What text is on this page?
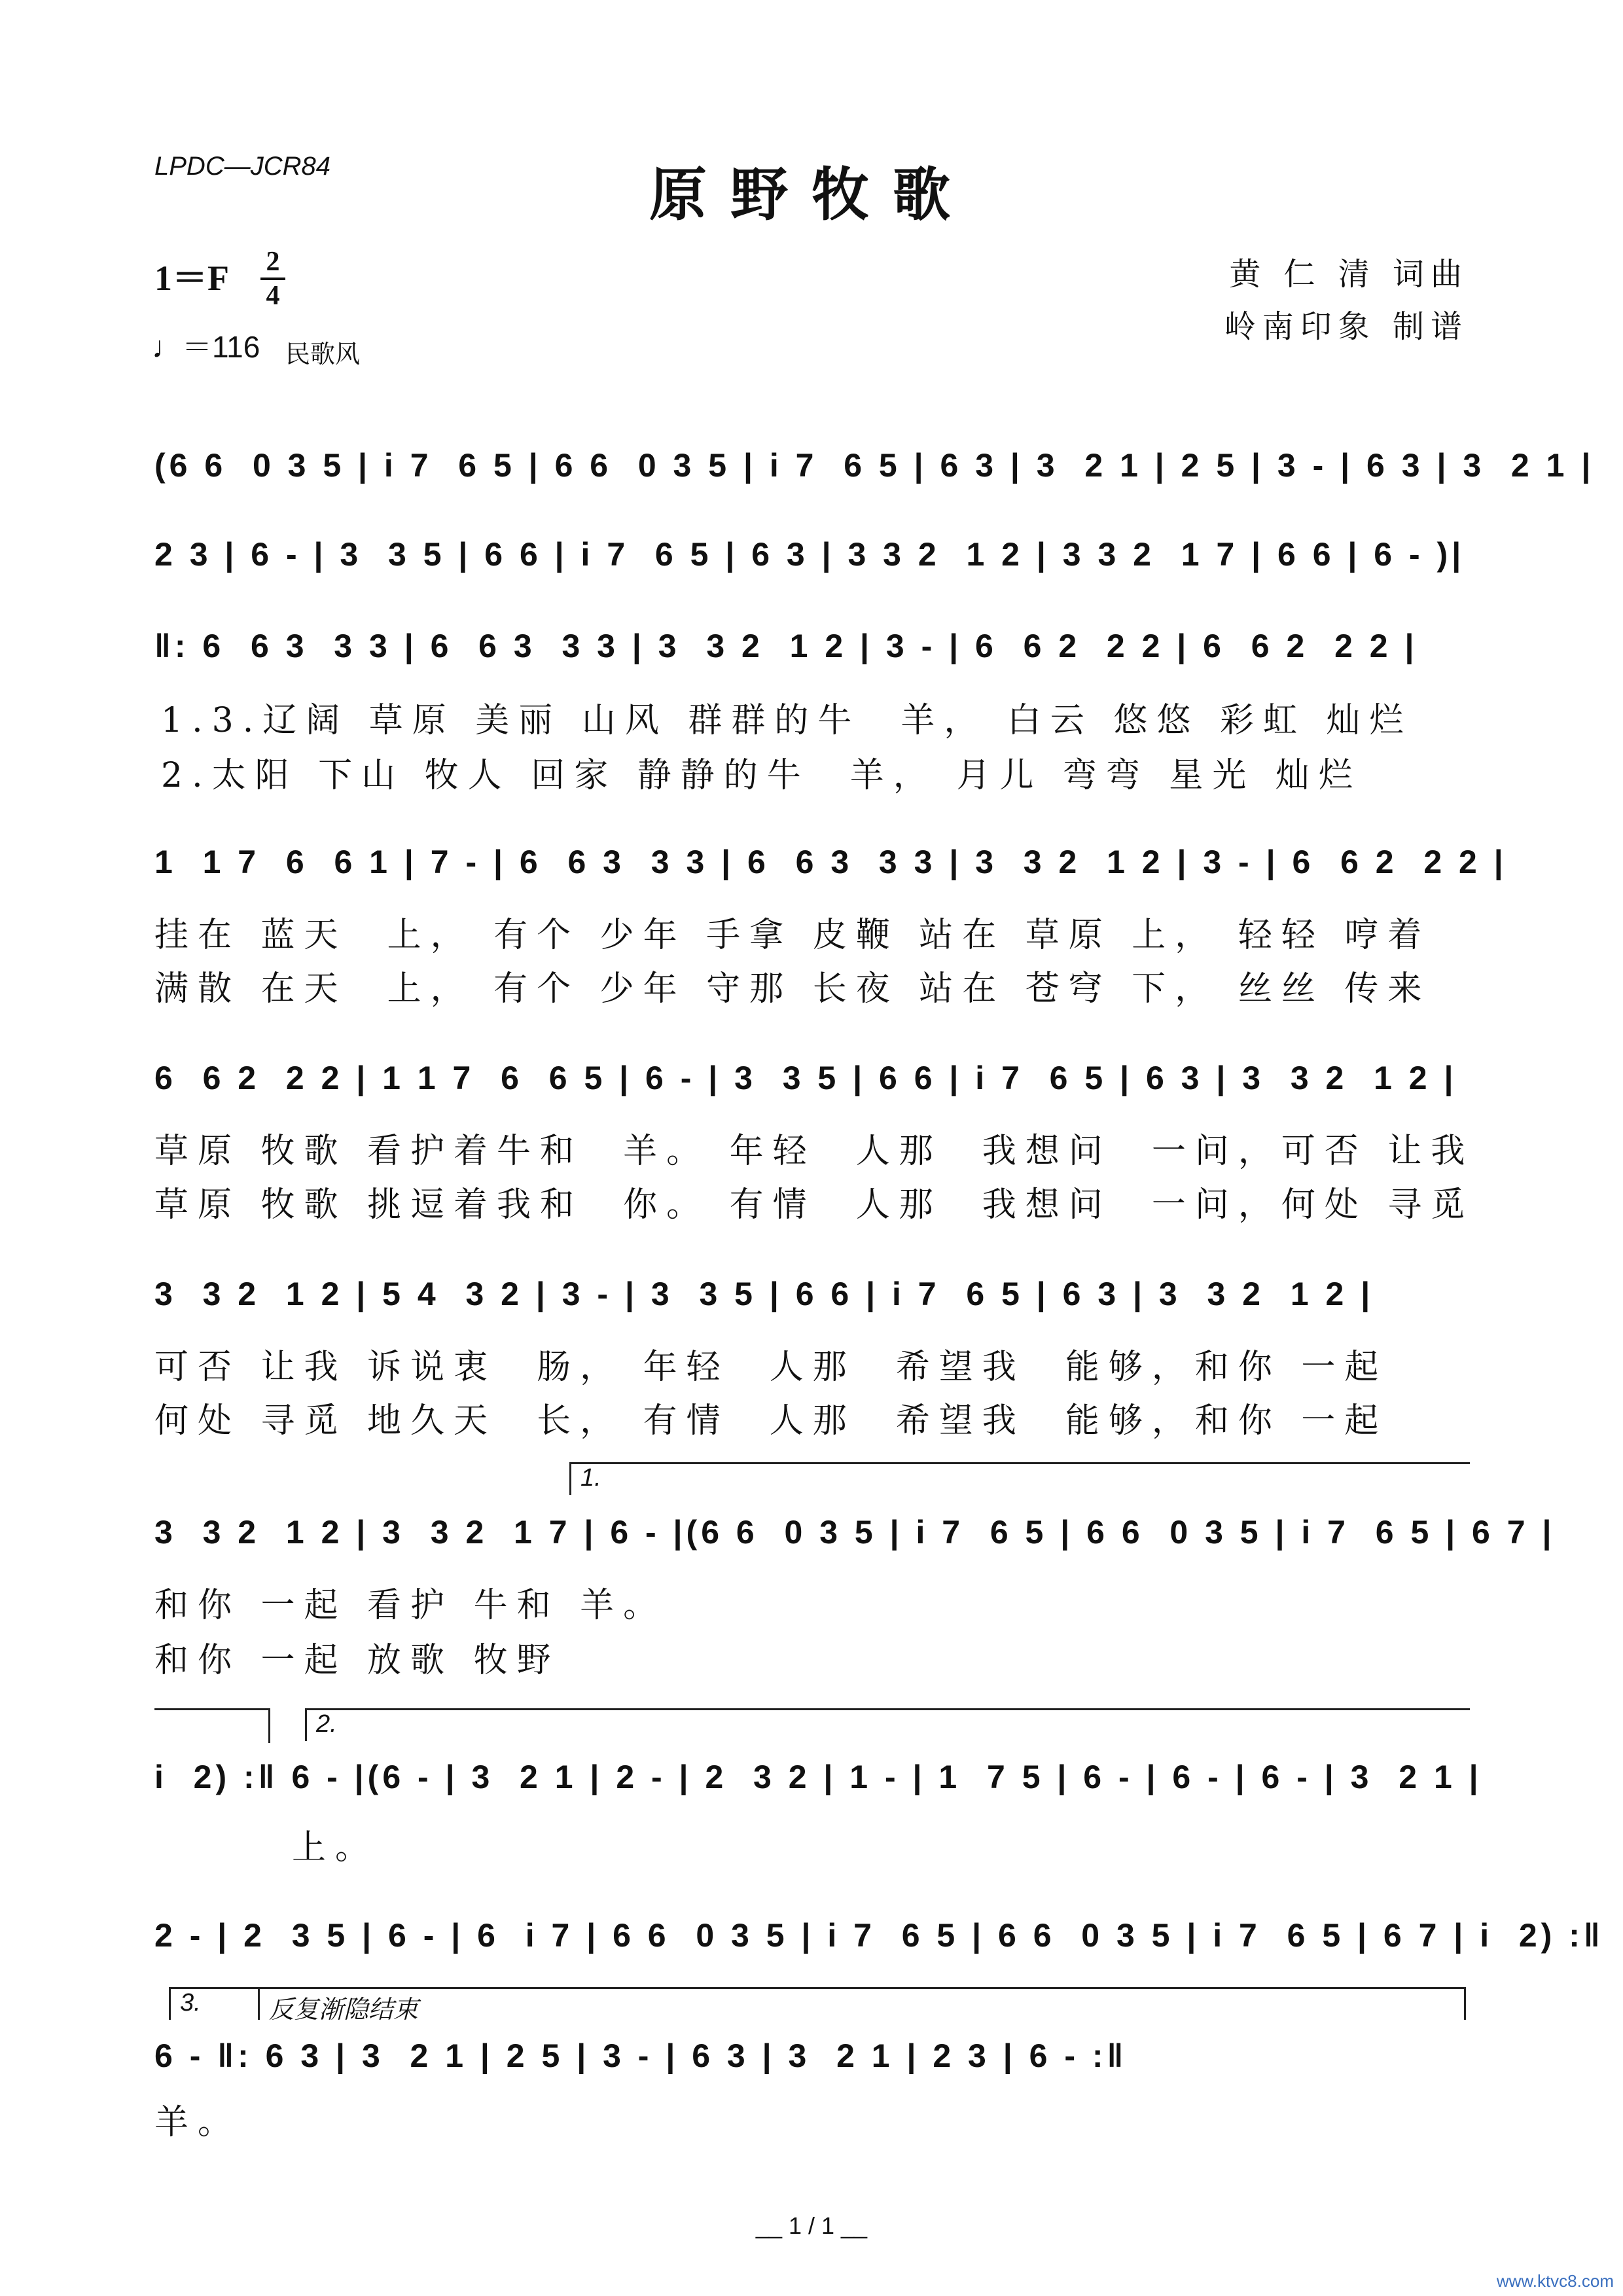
LPDC—JCR84	原野牧歌
1＝F	2
4
♩＝116 民歌风
黄 仁 清 词曲
岭南印象 制谱
(6 6  0 3 5 | i 7  6 5 | 6 6  0 3 5 | i 7  6 5 | 6 3 | 3  2 1 | 2 5 | 3 - | 6 3 | 3  2 1 |
2 3 | 6 - | 3  3 5 | 6 6 | i 7  6 5 | 6 3 | 3 3 2  1 2 | 3 3 2  1 7 | 6 6 | 6 - )|
‖: 6  6 3  3 3 | 6  6 3  3 3 | 3  3 2  1 2 | 3 - | 6  6 2  2 2 | 6  6 2  2 2 |
1.3.辽阔 草原 美丽 山风 群群的牛  羊， 白云 悠悠 彩虹 灿烂
2.太阳 下山 牧人 回家 静静的牛  羊， 月儿 弯弯 星光 灿烂
1  1 7  6  6 1 | 7 - | 6  6 3  3 3 | 6  6 3  3 3 | 3  3 2  1 2 | 3 - | 6  6 2  2 2 |
挂在 蓝天  上， 有个 少年 手拿 皮鞭 站在 草原 上， 轻轻 哼着
满散 在天  上， 有个 少年 守那 长夜 站在 苍穹 下， 丝丝 传来
6  6 2  2 2 | 1 1 7  6  6 5 | 6 - | 3  3 5 | 6 6 | i 7  6 5 | 6 3 | 3  3 2  1 2 |
草原 牧歌 看护着牛和  羊。 年轻  人那  我想问  一问，可否 让我
草原 牧歌 挑逗着我和  你。 有情  人那  我想问  一问，何处 寻觅
3  3 2  1 2 | 5 4  3 2 | 3 - | 3  3 5 | 6 6 | i 7  6 5 | 6 3 | 3  3 2  1 2 |
可否 让我 诉说衷  肠， 年轻  人那  希望我  能够，和你 一起
何处 寻觅 地久天  长， 有情  人那  希望我  能够，和你 一起
1.
3  3 2  1 2 | 3  3 2  1 7 | 6 - |(6 6  0 3 5 | i 7  6 5 | 6 6  0 3 5 | i 7  6 5 | 6 7 |
和你 一起 看护 牛和 羊。
和你 一起 放歌 牧野
2.
i  2) :‖ 6 - |(6 - | 3  2 1 | 2 - | 2  3 2 | 1 - | 1  7 5 | 6 - | 6 - | 6 - | 3  2 1 |
上。
2 - | 2  3 5 | 6 - | 6  i 7 | 6 6  0 3 5 | i 7  6 5 | 6 6  0 3 5 | i 7  6 5 | 6 7 | i  2) :‖
3.	反复渐隐结束
6 - ‖: 6 3 | 3  2 1 | 2 5 | 3 - | 6 3 | 3  2 1 | 2 3 | 6 - :‖
羊。
__ 1 / 1 __
www.ktvc8.com
